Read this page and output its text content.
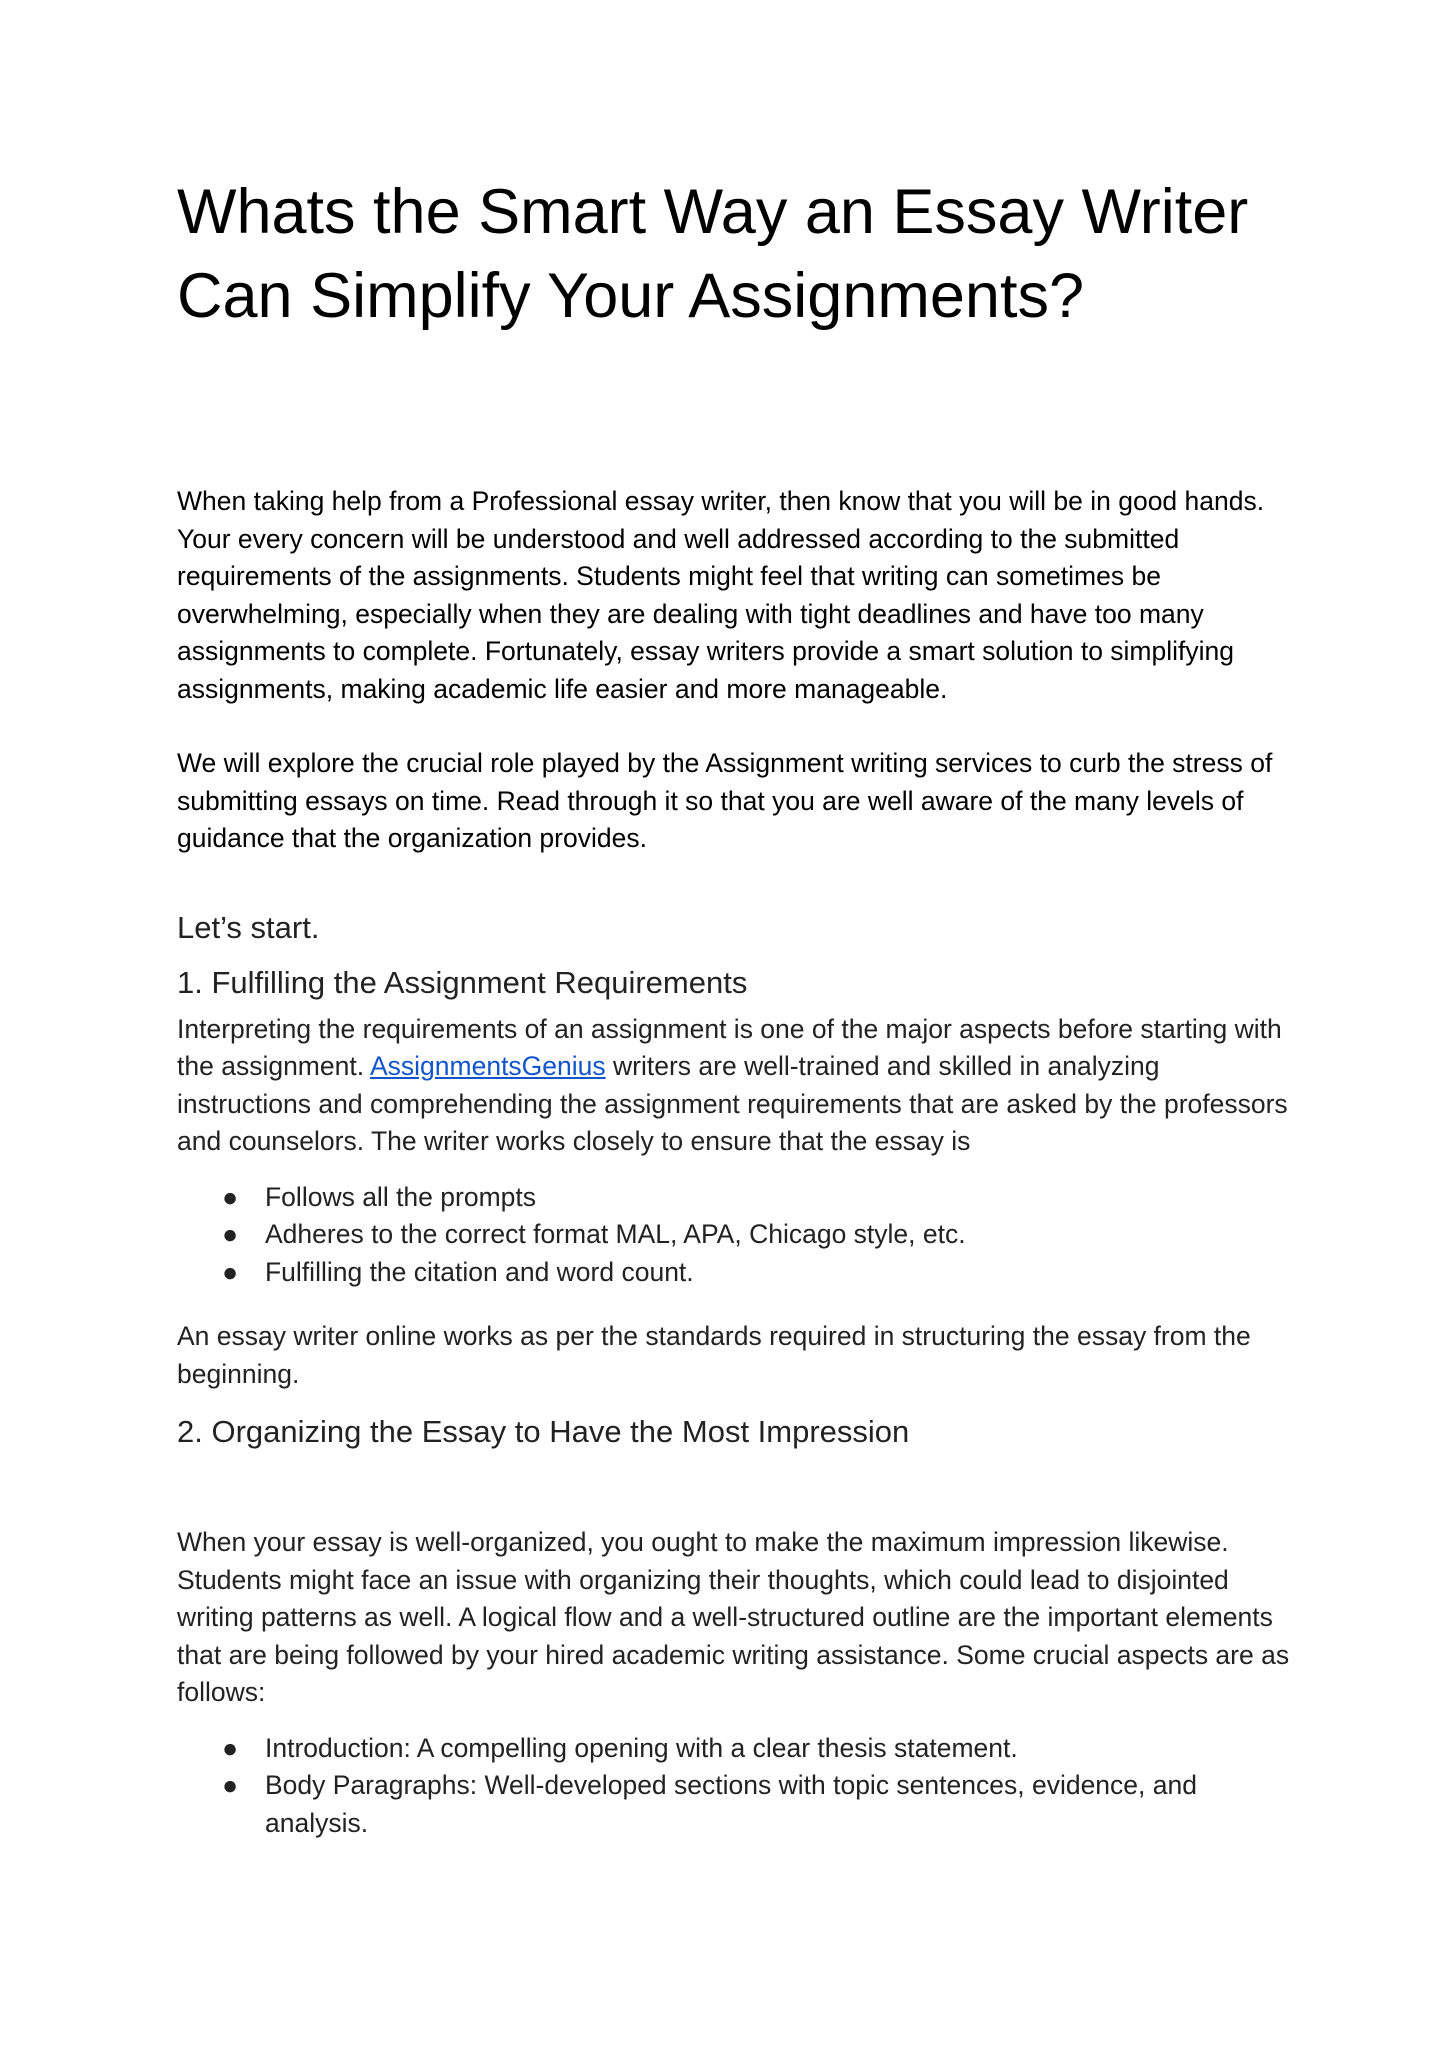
Whats the Smart Way an Essay Writer
Can Simplify Your Assignments?

When taking help from a Professional essay writer, then know that you will be in good hands. Your every concern will be understood and well addressed according to the submitted requirements of the assignments. Students might feel that writing can sometimes be overwhelming, especially when they are dealing with tight deadlines and have too many assignments to complete. Fortunately, essay writers provide a smart solution to simplifying assignments, making academic life easier and more manageable.

We will explore the crucial role played by the Assignment writing services to curb the stress of submitting essays on time. Read through it so that you are well aware of the many levels of guidance that the organization provides.

Let’s start.
1. Fulfilling the Assignment Requirements

Interpreting the requirements of an assignment is one of the major aspects before starting with the assignment. AssignmentsGenius writers are well-trained and skilled in analyzing instructions and comprehending the assignment requirements that are asked by the professors and counselors. The writer works closely to ensure that the essay is

● Follows all the prompts
● Adheres to the correct format MAL, APA, Chicago style, etc.
● Fulfilling the citation and word count.

An essay writer online works as per the standards required in structuring the essay from the beginning.

2. Organizing the Essay to Have the Most Impression

When your essay is well-organized, you ought to make the maximum impression likewise. Students might face an issue with organizing their thoughts, which could lead to disjointed writing patterns as well. A logical flow and a well-structured outline are the important elements that are being followed by your hired academic writing assistance. Some crucial aspects are as follows:

● Introduction: A compelling opening with a clear thesis statement.
● Body Paragraphs: Well-developed sections with topic sentences, evidence, and analysis.
